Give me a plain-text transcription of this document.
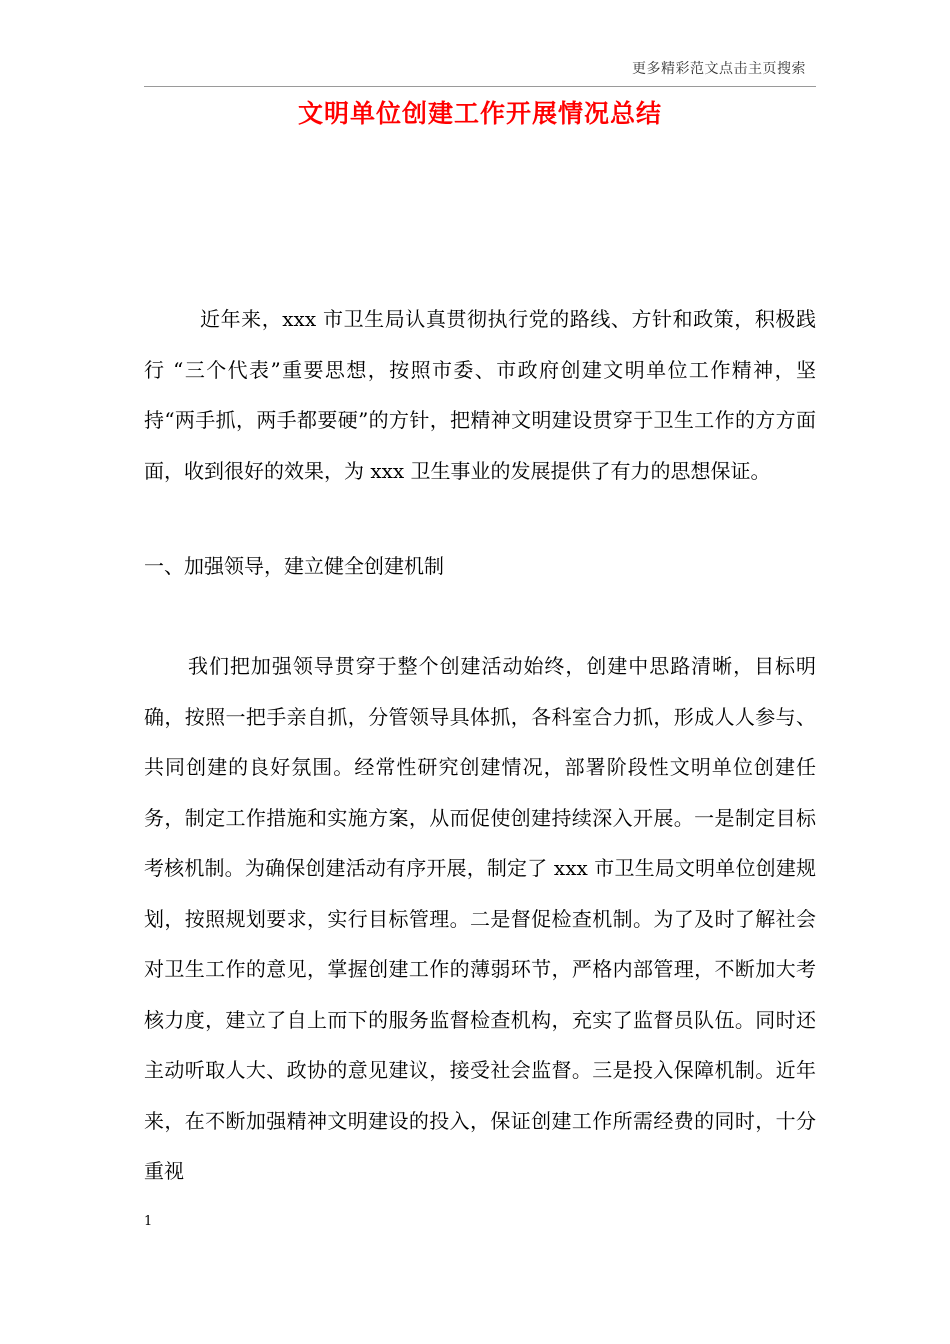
更多精彩范文点击主页搜索
文明单位创建工作开展情况总结

近年来，xxx 市卫生局认真贯彻执行党的路线、方针和政策，积极践行 “三个代表”重要思想，按照市委、市政府创建文明单位工作精神，坚持“两手抓，两手都要硬”的方针，把精神文明建设贯穿于卫生工作的方方面面，收到很好的效果，为 xxx 卫生事业的发展提供了有力的思想保证。

一、加强领导，建立健全创建机制

我们把加强领导贯穿于整个创建活动始终，创建中思路清晰，目标明确，按照一把手亲自抓，分管领导具体抓，各科室合力抓，形成人人参与、共同创建的良好氛围。经常性研究创建情况，部署阶段性文明单位创建任务，制定工作措施和实施方案，从而促使创建持续深入开展。一是制定目标考核机制。为确保创建活动有序开展，制定了 xxx 市卫生局文明单位创建规划，按照规划要求，实行目标管理。二是督促检查机制。为了及时了解社会对卫生工作的意见，掌握创建工作的薄弱环节，严格内部管理，不断加大考核力度，建立了自上而下的服务监督检查机构，充实了监督员队伍。同时还主动听取人大、政协的意见建议，接受社会监督。三是投入保障机制。近年来，在不断加强精神文明建设的投入，保证创建工作所需经费的同时，十分重视

1
